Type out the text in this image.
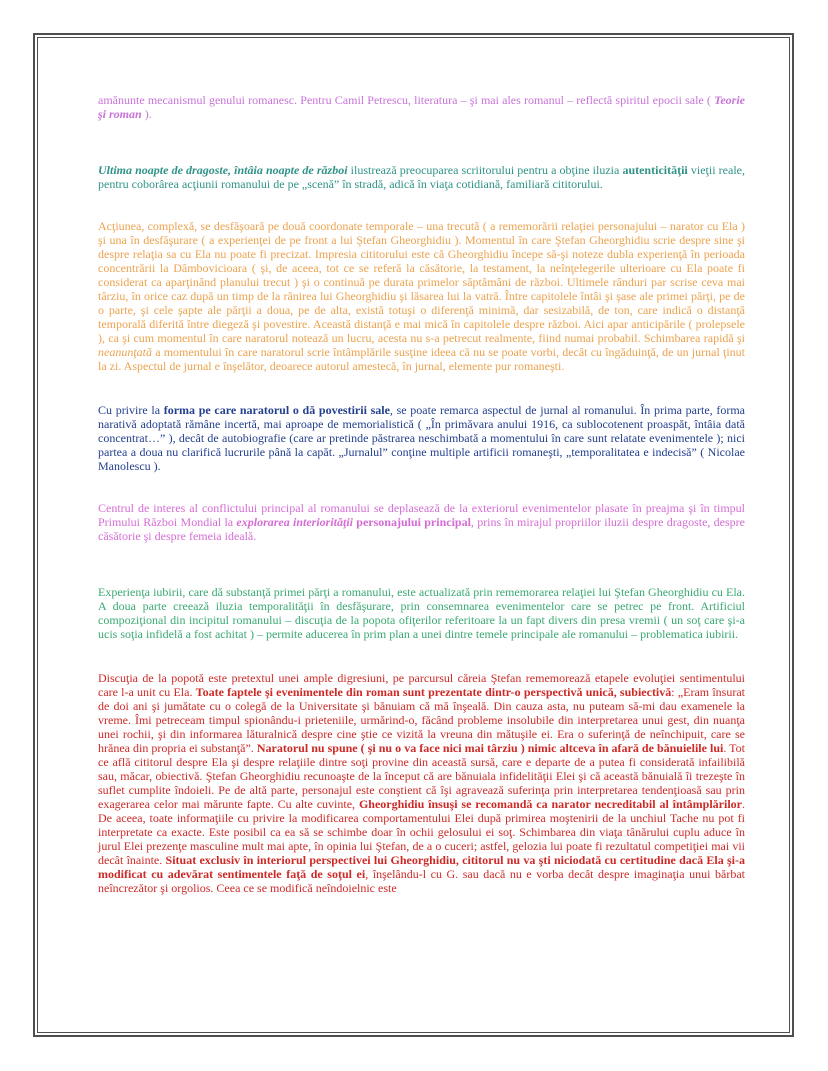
amănunte mecanismul genului romanesc. Pentru Camil Petrescu, literatura – şi mai ales romanul – reflectă spiritul epocii sale ( Teorie şi roman ).

Ultima noapte de dragoste, întâia noapte de război ilustrează preocuparea scriitorului pentru a obţine iluzia autenticităţii vieţii reale, pentru coborârea acţiunii romanului de pe „scenă” în stradă, adică în viaţa cotidiană, familiară cititorului.

Acţiunea, complexă, se desfăşoară pe două coordonate temporale – una trecută ( a rememorării relaţiei personajului – narator cu Ela ) şi una în desfăşurare ( a experienţei de pe front a lui Ştefan Gheorghidiu ). Momentul în care Ştefan Gheorghidiu scrie despre sine şi despre relaţia sa cu Ela nu poate fi precizat. Impresia cititorului este că Gheorghidiu începe să-şi noteze dubla experienţă în perioada concentrării la Dâmbovicioara ( şi, de aceea, tot ce se referă la căsătorie, la testament, la neînţelegerile ulterioare cu Ela poate fi considerat ca aparţinând planului trecut ) şi o continuă pe durata primelor săptămâni de război. Ultimele rânduri par scrise ceva mai târziu, în orice caz după un timp de la rănirea lui Gheorghidiu şi lăsarea lui la vatră. Între capitolele întâi şi şase ale primei părţi, pe de o parte, şi cele şapte ale părţii a doua, pe de alta, există totuşi o diferenţă minimă, dar sesizabilă, de ton, care indică o distanţă temporală diferită între diegeză şi povestire. Această distanţă e mai mică în capitolele despre război. Aici apar anticipările ( prolepsele ), ca şi cum momentul în care naratorul notează un lucru, acesta nu s-a petrecut realmente, fiind numai probabil. Schimbarea rapidă şi neanunţată a momentului în care naratorul scrie întâmplările susţine ideea că nu se poate vorbi, decât cu îngăduinţă, de un jurnal ţinut la zi. Aspectul de jurnal e înşelător, deoarece autorul amestecă, în jurnal, elemente pur romaneşti.

Cu privire la forma pe care naratorul o dă povestirii sale, se poate remarca aspectul de jurnal al romanului. În prima parte, forma narativă adoptată rămâne incertă, mai aproape de memorialistică ( „În primăvara anului 1916, ca sublocotenent proaspăt, întâia dată concentrat…” ), decât de autobiografie (care ar pretinde păstrarea neschimbată a momentului în care sunt relatate evenimentele ); nici partea a doua nu clarifică lucrurile până la capăt. „Jurnalul” conţine multiple artificii romaneşti, „temporalitatea e indecisă” ( Nicolae Manolescu ).

Centrul de interes al conflictului principal al romanului se deplasează de la exteriorul evenimentelor plasate în preajma şi în timpul Primului Război Mondial la explorarea interiorităţii personajului principal, prins în mirajul propriilor iluzii despre dragoste, despre căsătorie şi despre femeia ideală.

Experienţa iubirii, care dă substanţă primei părţi a romanului, este actualizată prin rememorarea relaţiei lui Ştefan Gheorghidiu cu Ela. A doua parte creează iluzia temporalităţii în desfăşurare, prin consemnarea evenimentelor care se petrec pe front. Artificiul compoziţional din incipitul romanului – discuţia de la popota ofiţerilor referitoare la un fapt divers din presa vremii ( un soţ care şi-a ucis soţia infidelă a fost achitat ) – permite aducerea în prim plan a unei dintre temele principale ale romanului – problematica iubirii.

Discuţia de la popotă este pretextul unei ample digresiuni, pe parcursul căreia Ştefan rememorează etapele evoluţiei sentimentului care l-a unit cu Ela. Toate faptele şi evenimentele din roman sunt prezentate dintr-o perspectivă unică, subiectivă: „Eram însurat de doi ani şi jumătate cu o colegă de la Universitate şi bănuiam că mă înşeală. Din cauza asta, nu puteam să-mi dau examenele la vreme. Îmi petreceam timpul spionându-i prieteniile, urmărind-o, făcând probleme insolubile din interpretarea unui gest, din nuanţa unei rochii, şi din informarea lăturalnică despre cine ştie ce vizită la vreuna din mătuşile ei. Era o suferinţă de neînchipuit, care se hrănea din propria ei substanţă”. Naratorul nu spune ( şi nu o va face nici mai târziu ) nimic altceva în afară de bănuielile lui. Tot ce află cititorul despre Ela şi despre relaţiile dintre soţi provine din această sursă, care e departe de a putea fi considerată infailibilă sau, măcar, obiectivă. Ştefan Gheorghidiu recunoaşte de la început că are bănuiala infidelităţii Elei şi că această bănuială îi trezeşte în suflet cumplite îndoieli. Pe de altă parte, personajul este conştient că îşi agravează suferinţa prin interpretarea tendenţioasă sau prin exagerarea celor mai mărunte fapte. Cu alte cuvinte, Gheorghidiu însuşi se recomandă ca narator necreditabil al întâmplărilor. De aceea, toate informaţiile cu privire la modificarea comportamentului Elei după primirea moştenirii de la unchiul Tache nu pot fi interpretate ca exacte. Este posibil ca ea să se schimbe doar în ochii gelosului ei soţ. Schimbarea din viaţa tânărului cuplu aduce în jurul Elei prezenţe masculine mult mai apte, în opinia lui Ştefan, de a o cuceri; astfel, gelozia lui poate fi rezultatul competiţiei mai vii decât înainte. Situat exclusiv în interiorul perspectivei lui Gheorghidiu, cititorul nu va şti niciodată cu certitudine dacă Ela şi-a modificat cu adevărat sentimentele faţă de soţul ei, înşelându-l cu G. sau dacă nu e vorba decât despre imaginaţia unui bărbat neîncrezător şi orgolios. Ceea ce se modifică neîndoielnic este
